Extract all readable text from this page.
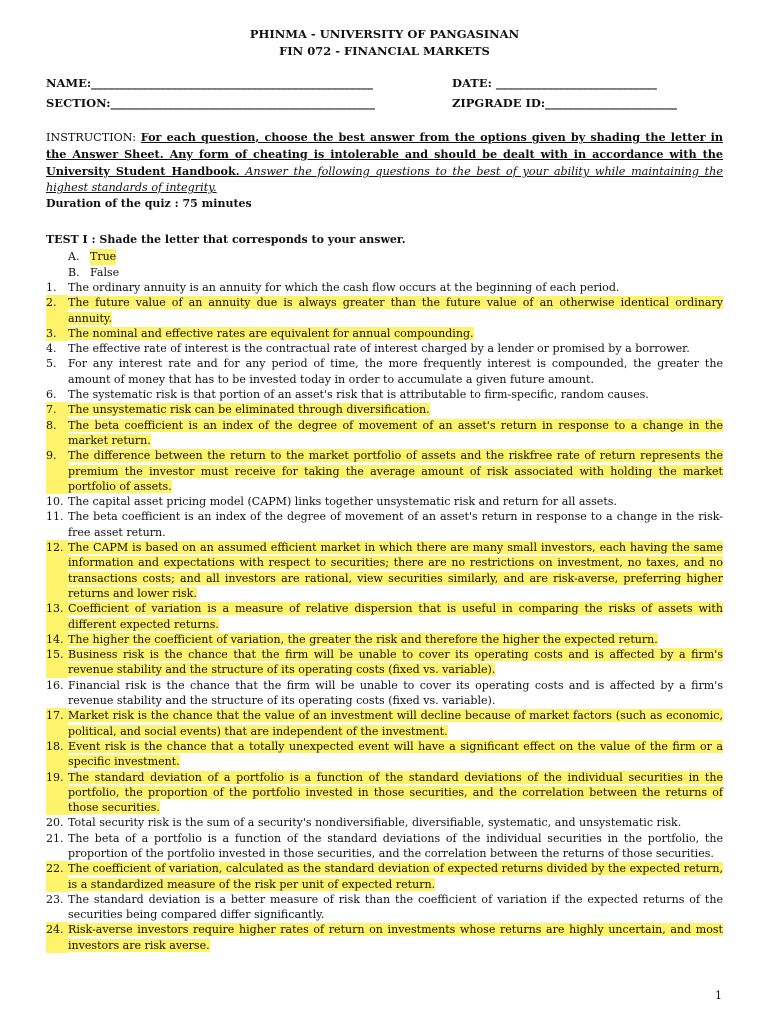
PHINMA - UNIVERSITY OF PANGASINAN
FIN 072 - FINANCIAL MARKETS
NAME:_________________________________________________	DATE: ____________________________
SECTION:______________________________________________	ZIPGRADE ID:_______________________
INSTRUCTION: For each question, choose the best answer from the options given by shading the letter in the Answer Sheet. Any form of cheating is intolerable and should be dealt with in accordance with the University Student Handbook. Answer the following questions to the best of your ability while maintaining the highest standards of integrity.
Duration of the quiz : 75 minutes
TEST I : Shade the letter that corresponds to your answer.
A. True
B. False
1.	The ordinary annuity is an annuity for which the cash flow occurs at the beginning of each period.
2.	The future value of an annuity due is always greater than the future value of an otherwise identical ordinary annuity.
3.	The nominal and effective rates are equivalent for annual compounding.
4.	The effective rate of interest is the contractual rate of interest charged by a lender or promised by a borrower.
5.	For any interest rate and for any period of time, the more frequently interest is compounded, the greater the amount of money that has to be invested today in order to accumulate a given future amount.
6.	The systematic risk is that portion of an asset's risk that is attributable to firm-specific, random causes.
7.	The unsystematic risk can be eliminated through diversification.
8.	The beta coefficient is an index of the degree of movement of an asset's return in response to a change in the market return.
9.	The difference between the return to the market portfolio of assets and the riskfree rate of return represents the premium the investor must receive for taking the average amount of risk associated with holding the market portfolio of assets.
10. The capital asset pricing model (CAPM) links together unsystematic risk and return for all assets.
11. The beta coefficient is an index of the degree of movement of an asset's return in response to a change in the risk-free asset return.
12. The CAPM is based on an assumed efficient market in which there are many small investors, each having the same information and expectations with respect to securities; there are no restrictions on investment, no taxes, and no transactions costs; and all investors are rational, view securities similarly, and are risk-averse, preferring higher returns and lower risk.
13. Coefficient of variation is a measure of relative dispersion that is useful in comparing the risks of assets with different expected returns.
14. The higher the coefficient of variation, the greater the risk and therefore the higher the expected return.
15. Business risk is the chance that the firm will be unable to cover its operating costs and is affected by a firm's revenue stability and the structure of its operating costs (fixed vs. variable).
16. Financial risk is the chance that the firm will be unable to cover its operating costs and is affected by a firm's revenue stability and the structure of its operating costs (fixed vs. variable).
17. Market risk is the chance that the value of an investment will decline because of market factors (such as economic, political, and social events) that are independent of the investment.
18. Event risk is the chance that a totally unexpected event will have a significant effect on the value of the firm or a specific investment.
19. The standard deviation of a portfolio is a function of the standard deviations of the individual securities in the portfolio, the proportion of the portfolio invested in those securities, and the correlation between the returns of those securities.
20. Total security risk is the sum of a security's nondiversifiable, diversifiable, systematic, and unsystematic risk.
21. The beta of a portfolio is a function of the standard deviations of the individual securities in the portfolio, the proportion of the portfolio invested in those securities, and the correlation between the returns of those securities.
22. The coefficient of variation, calculated as the standard deviation of expected returns divided by the expected return, is a standardized measure of the risk per unit of expected return.
23. The standard deviation is a better measure of risk than the coefficient of variation if the expected returns of the securities being compared differ significantly.
24. Risk-averse investors require higher rates of return on investments whose returns are highly uncertain, and most investors are risk averse.
1
